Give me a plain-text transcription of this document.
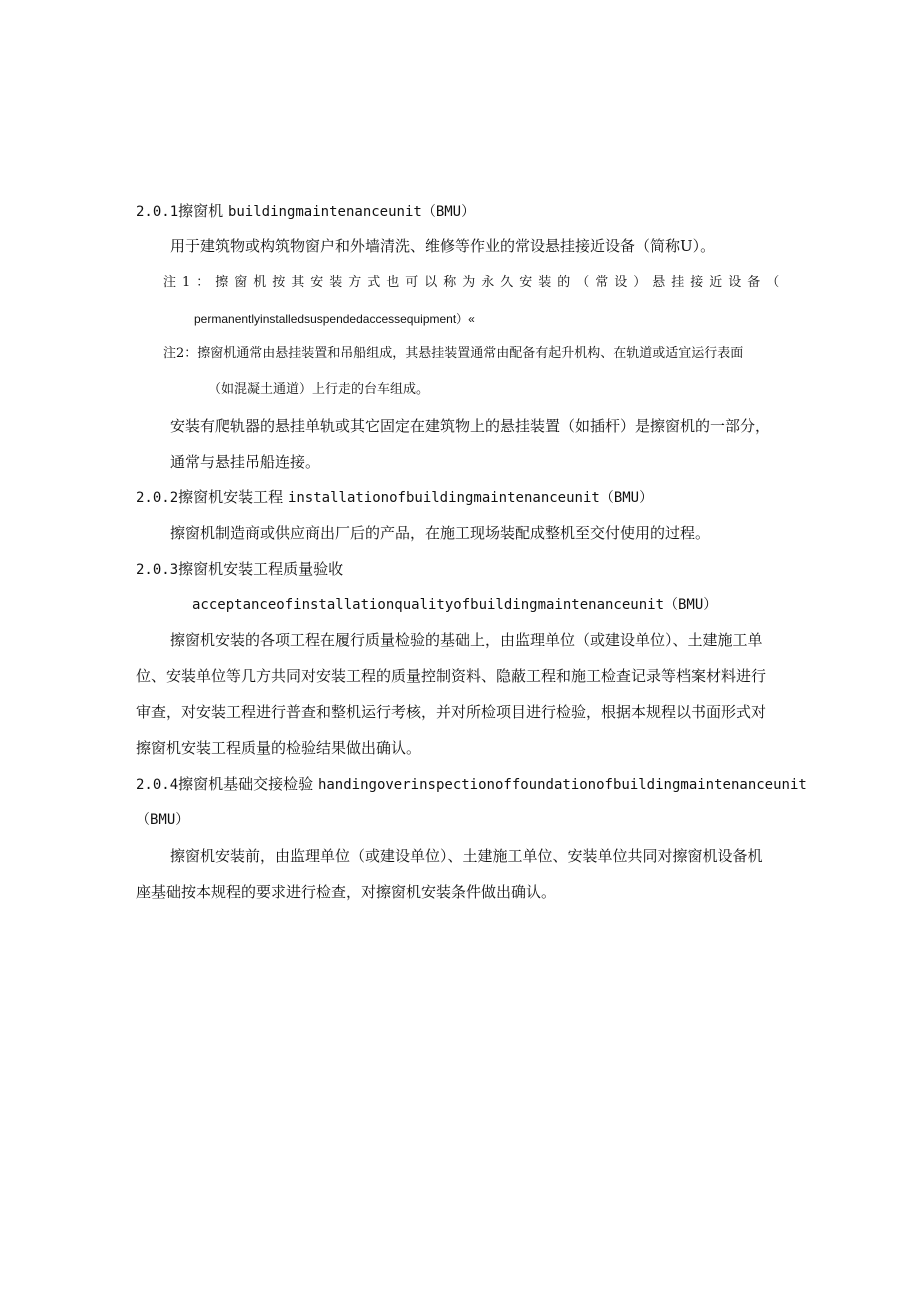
2.0.1擦窗机 buildingmaintenanceunit（BMU）
用于建筑物或构筑物窗户和外墙清洗、维修等作业的常设悬挂接近设备（简称U）。
注1：擦窗机按其安装方式也可以称为永久安装的（常设）悬挂接近设备（
permanentlyinstalledsuspendedaccessequipment）«
注2：擦窗机通常由悬挂装置和吊船组成，其悬挂装置通常由配备有起升机构、在轨道或适宜运行表面
（如混凝土通道）上行走的台车组成。
安装有爬轨器的悬挂单轨或其它固定在建筑物上的悬挂装置（如插杆）是擦窗机的一部分，
通常与悬挂吊船连接。
2.0.2擦窗机安装工程 installationofbuildingmaintenanceunit（BMU）
擦窗机制造商或供应商出厂后的产品，在施工现场装配成整机至交付使用的过程。
2.0.3擦窗机安装工程质量验收
acceptanceofinstallationqualityofbuildingmaintenanceunit（BMU）
擦窗机安装的各项工程在履行质量检验的基础上，由监理单位（或建设单位）、土建施工单
位、安装单位等几方共同对安装工程的质量控制资料、隐蔽工程和施工检查记录等档案材料进行
审查，对安装工程进行普查和整机运行考核，并对所检项目进行检验，根据本规程以书面形式对
擦窗机安装工程质量的检验结果做出确认。
2.0.4擦窗机基础交接检验 handingoverinspectionoffoundationofbuildingmaintenanceunit
（BMU）
擦窗机安装前，由监理单位（或建设单位）、土建施工单位、安装单位共同对擦窗机设备机
座基础按本规程的要求进行检查，对擦窗机安装条件做出确认。
